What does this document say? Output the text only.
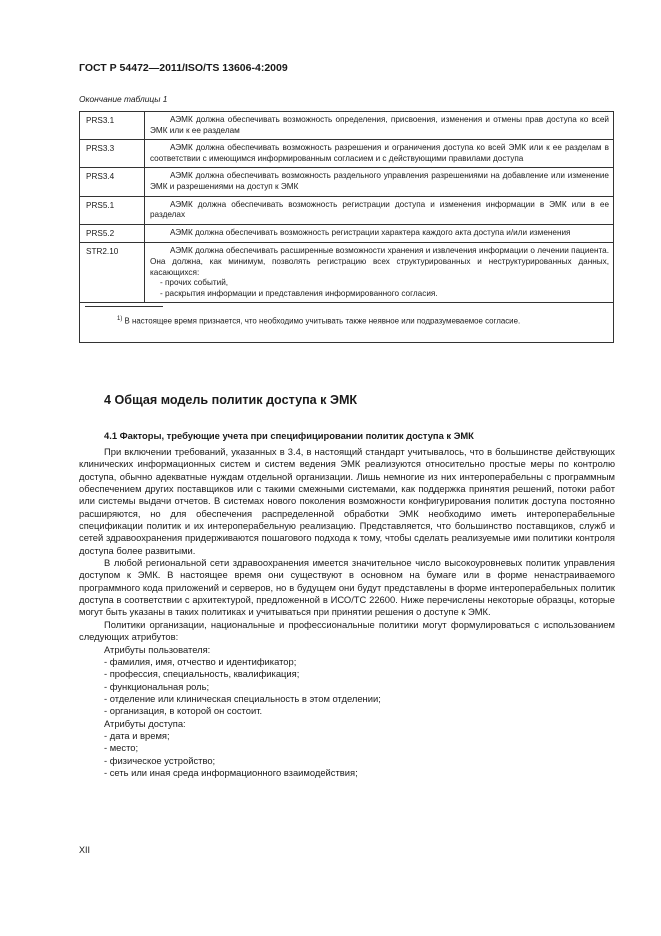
ГОСТ Р 54472—2011/ISO/TS 13606-4:2009
Окончание таблицы 1
PRS3.1	АЭМК должна обеспечивать возможность определения, присвоения, изменения и отмены прав доступа ко всей ЭМК или к ее разделам
PRS3.3	АЭМК должна обеспечивать возможность разрешения и ограничения доступа ко всей ЭМК или к ее разделам в соответствии с имеющимся информированным согласием и с действующими правилами доступа
PRS3.4	АЭМК должна обеспечивать возможность раздельного управления разрешениями на добавление или изменение ЭМК и разрешениями на доступ к ЭМК
PRS5.1	АЭМК должна обеспечивать возможность регистрации доступа и изменения информации в ЭМК или в ее разделах
PRS5.2	АЭМК должна обеспечивать возможность регистрации характера каждого акта доступа и/или изменения
STR2.10	АЭМК должна обеспечивать расширенные возможности хранения и извлечения информации о лечении пациента. Она должна, как минимум, позволять регистрацию всех структурированных и неструктурированных данных, касающихся:
- прочих событий,
- раскрытия информации и представления информированного согласия.

$^{1)}$ В настоящее время признается, что необходимо учитывать также неявное или подразумеваемое согласие.	
4 Общая модель политик доступа к ЭМК
4.1 Факторы, требующие учета при специфицировании политик доступа к ЭМК

При включении требований, указанных в 3.4, в настоящий стандарт учитывалось, что в большинстве действующих клинических информационных систем и систем ведения ЭМК реализуются относительно простые меры по контролю доступа, обычно адекватные нуждам отдельной организации. Лишь немногие из них интероперабельны с программным обеспечением других поставщиков или с такими смежными системами, как поддержка принятия решений, потоки работ или системы выдачи отчетов. В системах нового поколения возможности конфигурирования политик доступа постоянно расширяются, но для обеспечения распределенной обработки ЭМК необходимо иметь интероперабельные спецификации политик и их интероперабельную реализацию. Представляется, что большинство поставщиков, служб и сетей здравоохранения придерживаются пошагового подхода к тому, чтобы сделать реализуемые ими политики контроля доступа более развитыми.

В любой региональной сети здравоохранения имеется значительное число высокоуровневых политик управления доступом к ЭМК. В настоящее время они существуют в основном на бумаге или в форме ненастраиваемого программного кода приложений и серверов, но в будущем они будут представлены в форме интероперабельных политик доступа в соответствии с архитектурой, предложенной в ИСО/ТС 22600. Ниже перечислены некоторые образцы, которые могут быть указаны в таких политиках и учитываться при принятии решения о доступе к ЭМК.

Политики организации, национальные и профессиональные политики могут формулироваться с использованием следующих атрибутов:

Атрибуты пользователя:
- фамилия, имя, отчество и идентификатор;
- профессия, специальность, квалификация;
- функциональная роль;
- отделение или клиническая специальность в этом отделении;
- организация, в которой он состоит.
Атрибуты доступа:
- дата и время;
- место;
- физическое устройство;
- сеть или иная среда информационного взаимодействия;
XII
